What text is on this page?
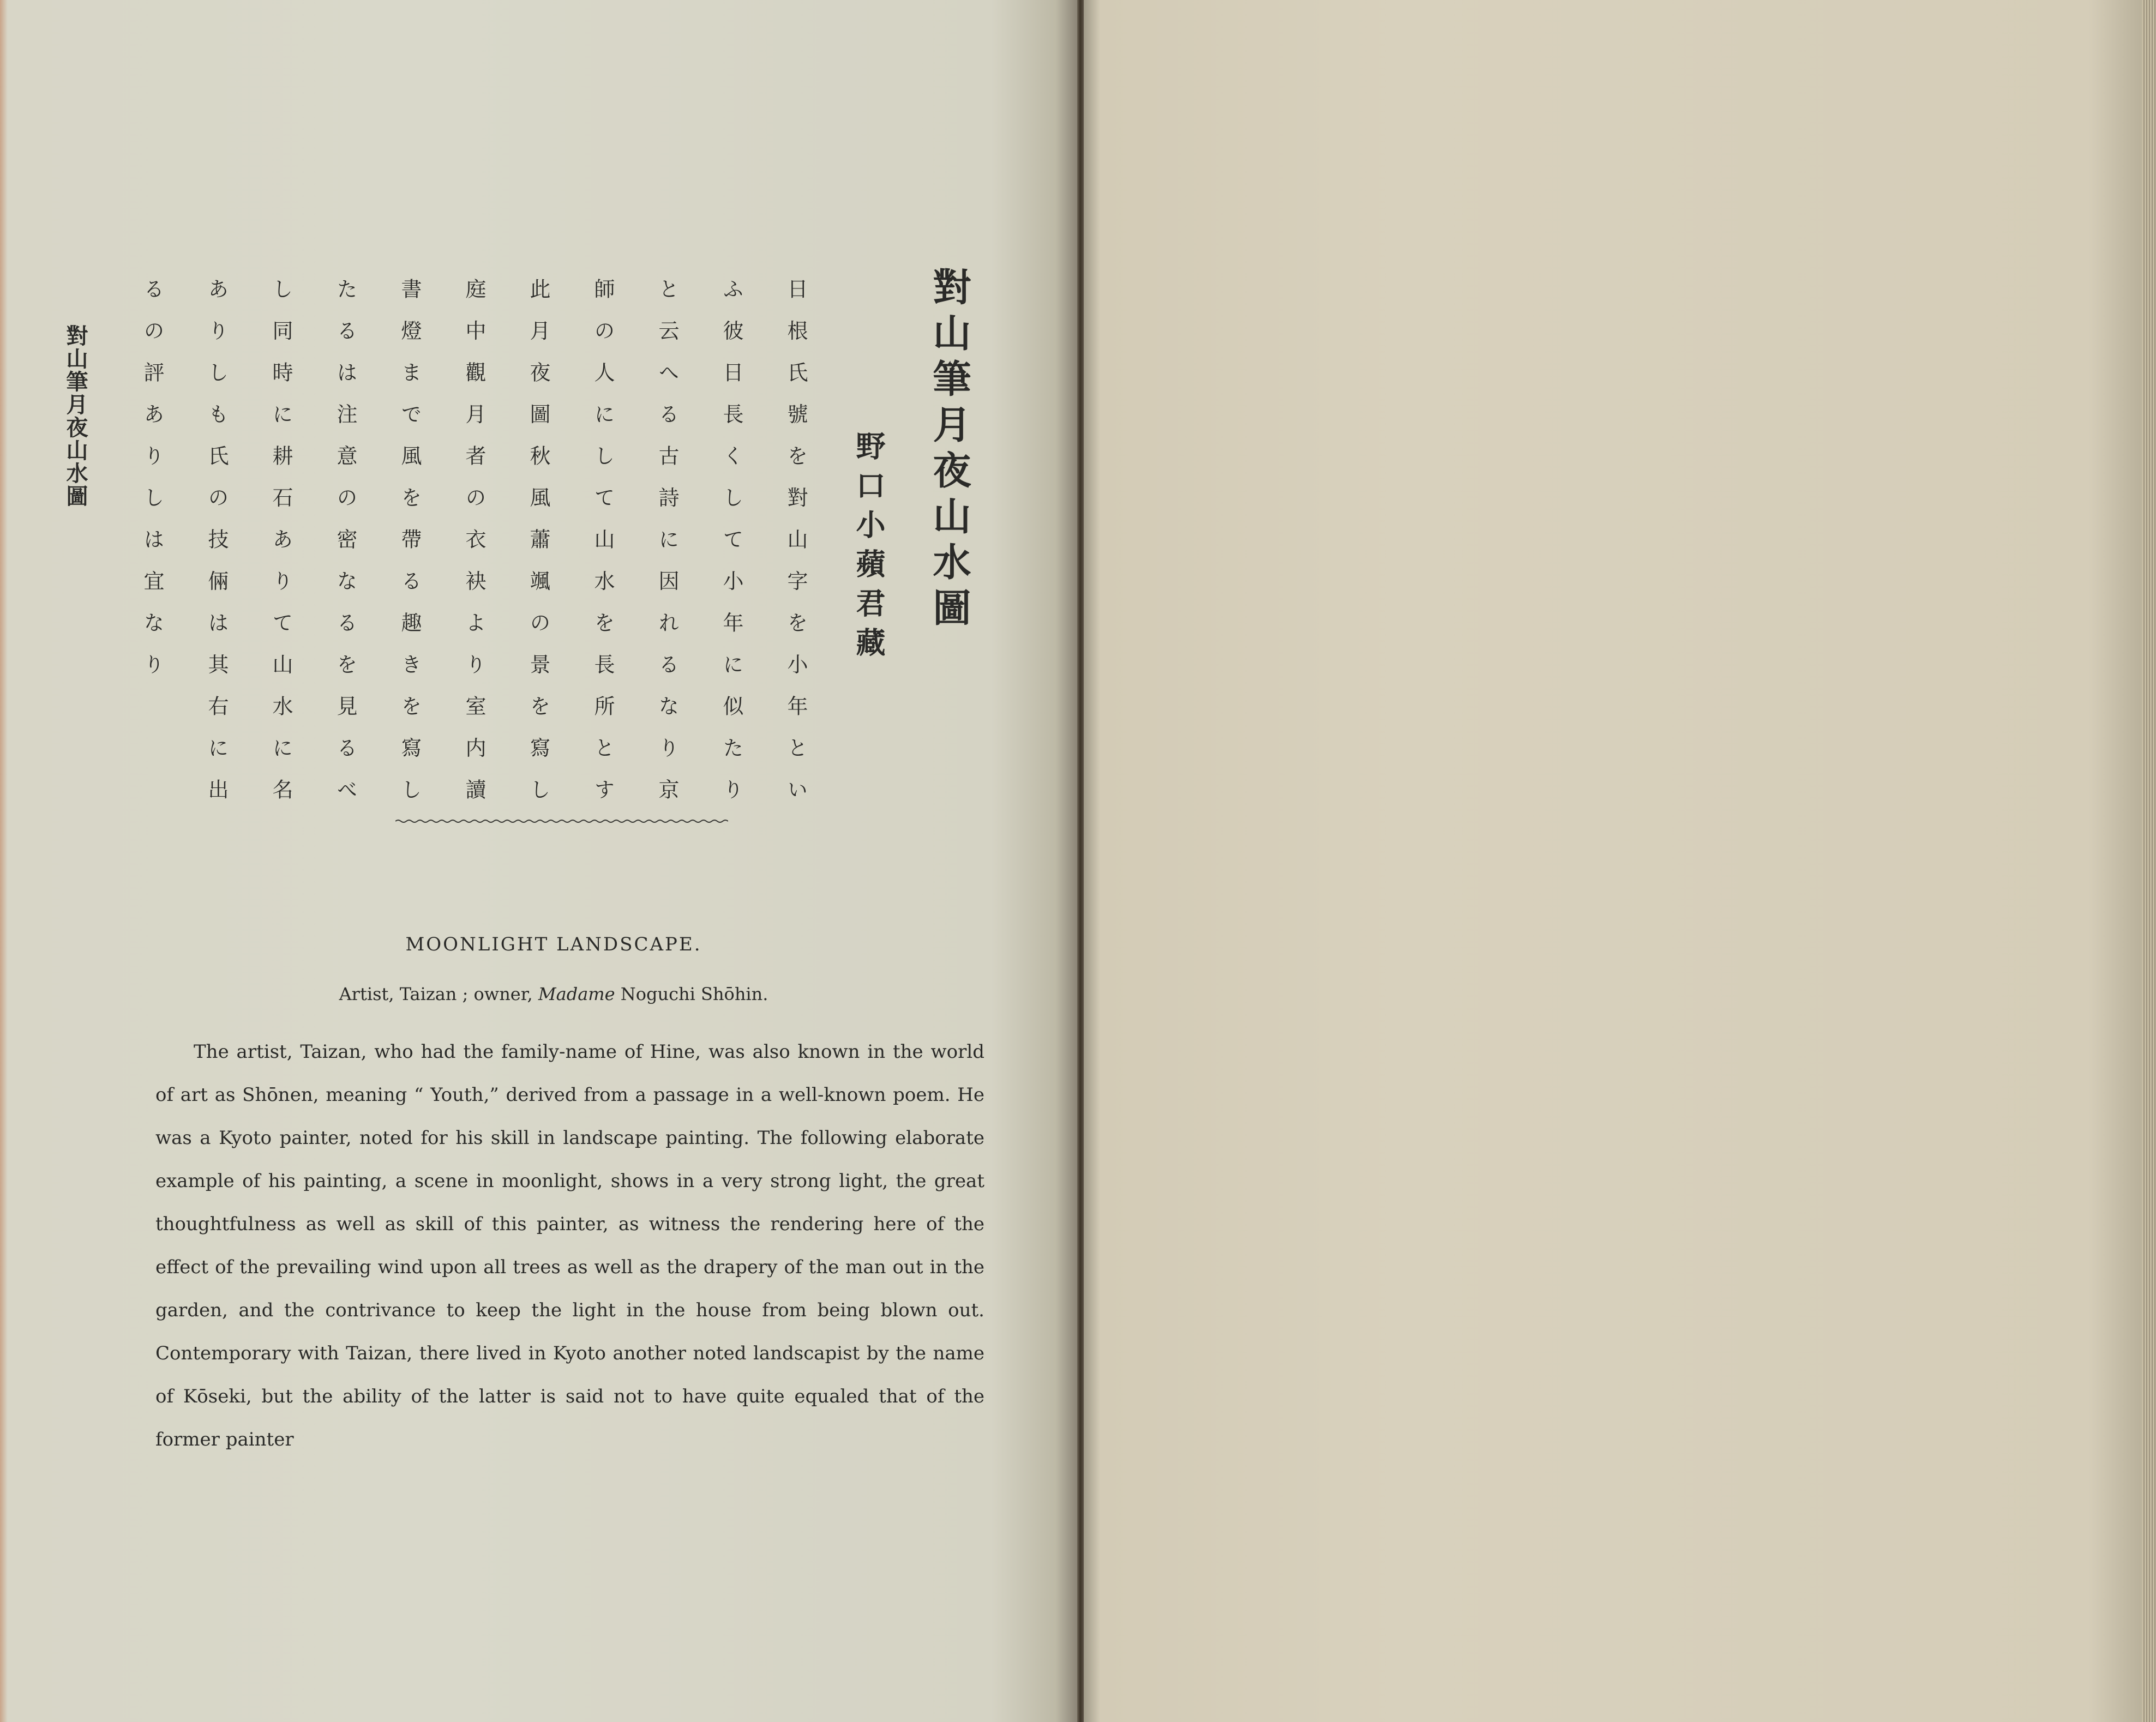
對山筆月夜山水圖	對山筆月夜山水圖
野口小蘋君藏
日根氏號を對山字を小年とい
ふ彼日長くして小年に似たり
と云へる古詩に因れるなり京
師の人にして山水を長所とす
此月夜圖秋風蕭颯の景を寫し
庭中觀月者の衣袂より室内讀
書燈まで風を帶る趣きを寫し
たるは注意の密なるを見るべ
し同時に耕石ありて山水に名
ありしも氏の技倆は其右に出
るの評ありしは宜なり
MOONLIGHT LANDSCAPE.
Artist, Taizan ; owner, Madame Noguchi Shōhin.
The artist, Taizan, who had the family-name of Hine, was also known in the world of art as Shōnen, meaning “ Youth,” derived from a passage in a well-known poem. He was a Kyoto painter, noted for his skill in landscape painting. The following elaborate example of his painting, a scene in moonlight, shows in a very strong light, the great thoughtfulness as well as skill of this painter, as witness the rendering here of the effect of the prevailing wind upon all trees as well as the drapery of the man out in the garden, and the contrivance to keep the light in the house from being blown out. Contemporary with Taizan, there lived in Kyoto another noted landscapist by the name of Kōseki, but the ability of the latter is said not to have quite equaled that of the former painter
